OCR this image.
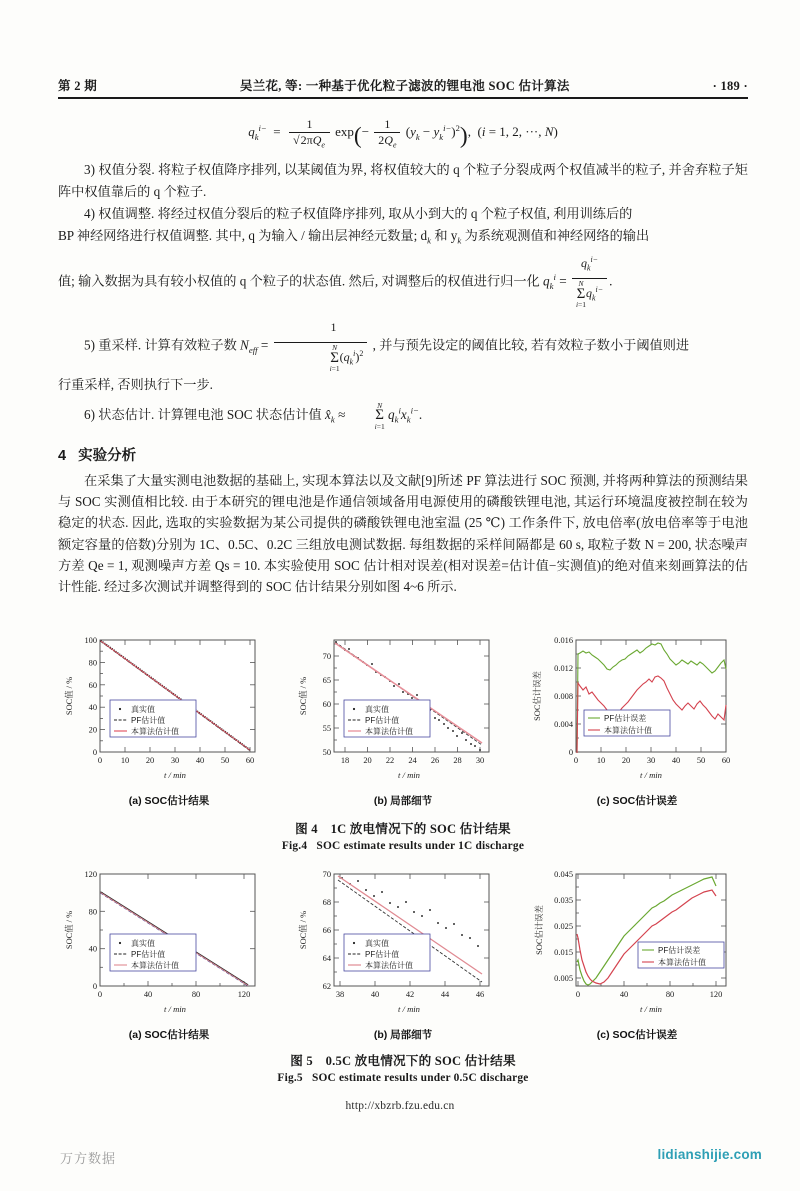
第 2 期	吴兰花, 等: 一种基于优化粒子滤波的锂电池 SOC 估计算法	· 189 ·
$q_k^{i-} = \frac{1}{√2\pi Q_e} \exp(- \frac{1}{2Q_e} (y_k - y_k^{i-})^2)$,  (i = 1, 2, ···, N)

3) 权值分裂. 将粒子权值降序排列, 以某阈值为界, 将权值较大的 q 个粒子分裂成两个权值减半的粒子, 并舍弃粒子矩阵中权值靠后的 q 个粒子.

4) 权值调整. 将经过权值分裂后的粒子权值降序排列, 取从小到大的 q 个粒子权值, 利用训练后的

BP 神经网络进行权值调整. 其中, q 为输入 / 输出层神经元数量; $d_k$ 和 $y_k$ 为系统观测值和神经网络的输出

值; 输入数据为具有较小权值的 q 个粒子的状态值. 然后, 对调整后的权值进行归一化 $q_k^i = q_k^{i-}$
N
Σ
i=1
$q_k^{i-}$ .

5) 重采样. 计算有效粒子数 $N_{eff} = 1$
N
Σ
i=1
$(q_k^i)^2$ , 并与预先设定的阈值比较, 若有效粒子数小于阈值则进

行重采样, 否则执行下一步.

6) 状态估计. 计算锂电池 SOC 状态估计值 $x̂_k$ ≈
N
Σ
i=1
$q_k^ix_k^{i-}$.

4 实验分析

在采集了大量实测电池数据的基础上, 实现本算法以及文献[9]所述 PF 算法进行 SOC 预测, 并将两种算法的预测结果与 SOC 实测值相比较. 由于本研究的锂电池是作通信领域备用电源使用的磷酸铁锂电池, 其运行环境温度被控制在较为稳定的状态. 因此, 选取的实验数据为某公司提供的磷酸铁锂电池室温 (25 ℃) 工作条件下, 放电倍率(放电倍率等于电池额定容量的倍数)分别为 1C、0.5C、0.2C 三组放电测试数据. 每组数据的采样间隔都是 60 s, 取粒子数 N = 200, 状态噪声方差 Qe = 1, 观测噪声方差 Qs = 10. 本实验使用 SOC 估计相对误差(相对误差=估计值−实测值)的绝对值来刻画算法的估计性能. 经过多次测试并调整得到的 SOC 估计结果分别如图 4~6 所示.

0
20
40
60
80
100
0 10 20 30 40 50 60
真实值
PF估计值
本算法估计值
t / min
SOC值 / %
(a) SOC估计结果
50
55
60
65
70
18 20 22 24 26 28 30
真实值
PF估计值
本算法估计值
t / min
SOC值 / %
(b) 局部细节
0
0.004
0.008
0.012
0.016
0 10 20 30 40 50 60
PF估计误差
本算法估计值
t / min
SOC估计误差
(c) SOC估计误差
图 4　1C 放电情况下的 SOC 估计结果
Fig.4 SOC estimate results under 1C discharge
0
40
80
120
0	40	80	120
真实值
PF估计值
本算法估计值
t / min
SOC值 / %
(a) SOC估计结果
62
64
66
68
70
38	40	42	44	46
真实值
PF估计值
本算法估计值
t / min
SOC值 / %
(b) 局部细节
0.005
0.015
0.025
0.035
0.045
0	40	80	120
PF估计误差
本算法估计值
t / min
SOC估计误差
(c) SOC估计误差
图 5　0.5C 放电情况下的 SOC 估计结果
Fig.5 SOC estimate results under 0.5C discharge
http://xbzrb.fzu.edu.cn
万方数据	lidianshijie.com
